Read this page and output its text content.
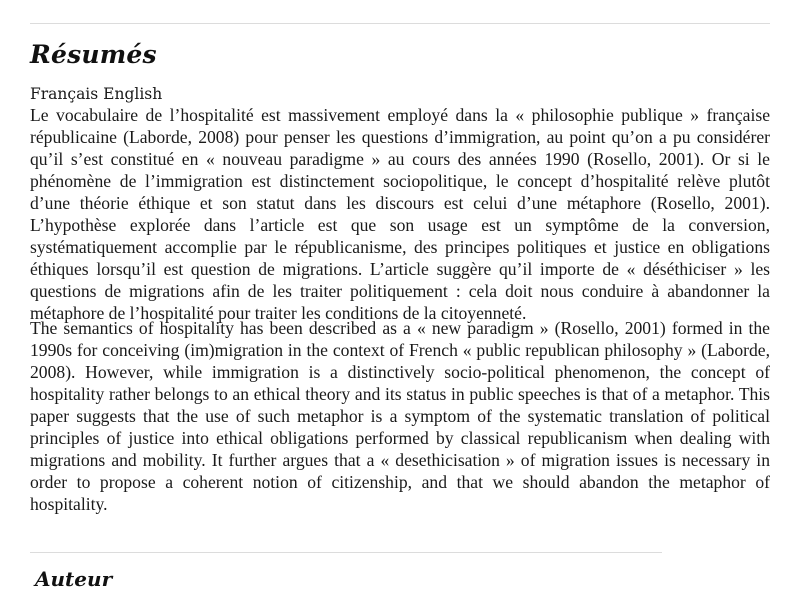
Résumés
Français English

Le vocabulaire de l’hospitalité est massivement employé dans la « philosophie publique » française républicaine (Laborde, 2008) pour penser les questions d’immigration, au point qu’on a pu considérer qu’il s’est constitué en « nouveau paradigme » au cours des années 1990 (Rosello, 2001). Or si le phénomène de l’immigration est distinctement sociopolitique, le concept d’hospitalité relève plutôt d’une théorie éthique et son statut dans les discours est celui d’une métaphore (Rosello, 2001). L’hypothèse explorée dans l’article est que son usage est un symptôme de la conversion, systématiquement accomplie par le républicanisme, des principes politiques et justice en obligations éthiques lorsqu’il est question de migrations. L’article suggère qu’il importe de « déséthiciser » les questions de migrations afin de les traiter politiquement : cela doit nous conduire à abandonner la métaphore de l’hospitalité pour traiter les conditions de la citoyenneté.

The semantics of hospitality has been described as a « new paradigm » (Rosello, 2001) formed in the 1990s for conceiving (im)migration in the context of French « public republican philosophy » (Laborde, 2008). However, while immigration is a distinctively socio-political phenomenon, the concept of hospitality rather belongs to an ethical theory and its status in public speeches is that of a metaphor. This paper suggests that the use of such metaphor is a symptom of the systematic translation of political principles of justice into ethical obligations performed by classical republicanism when dealing with migrations and mobility. It further argues that a « desethicisation » of migration issues is necessary in order to propose a coherent notion of citizenship, and that we should abandon the metaphor of hospitality.

Auteur
